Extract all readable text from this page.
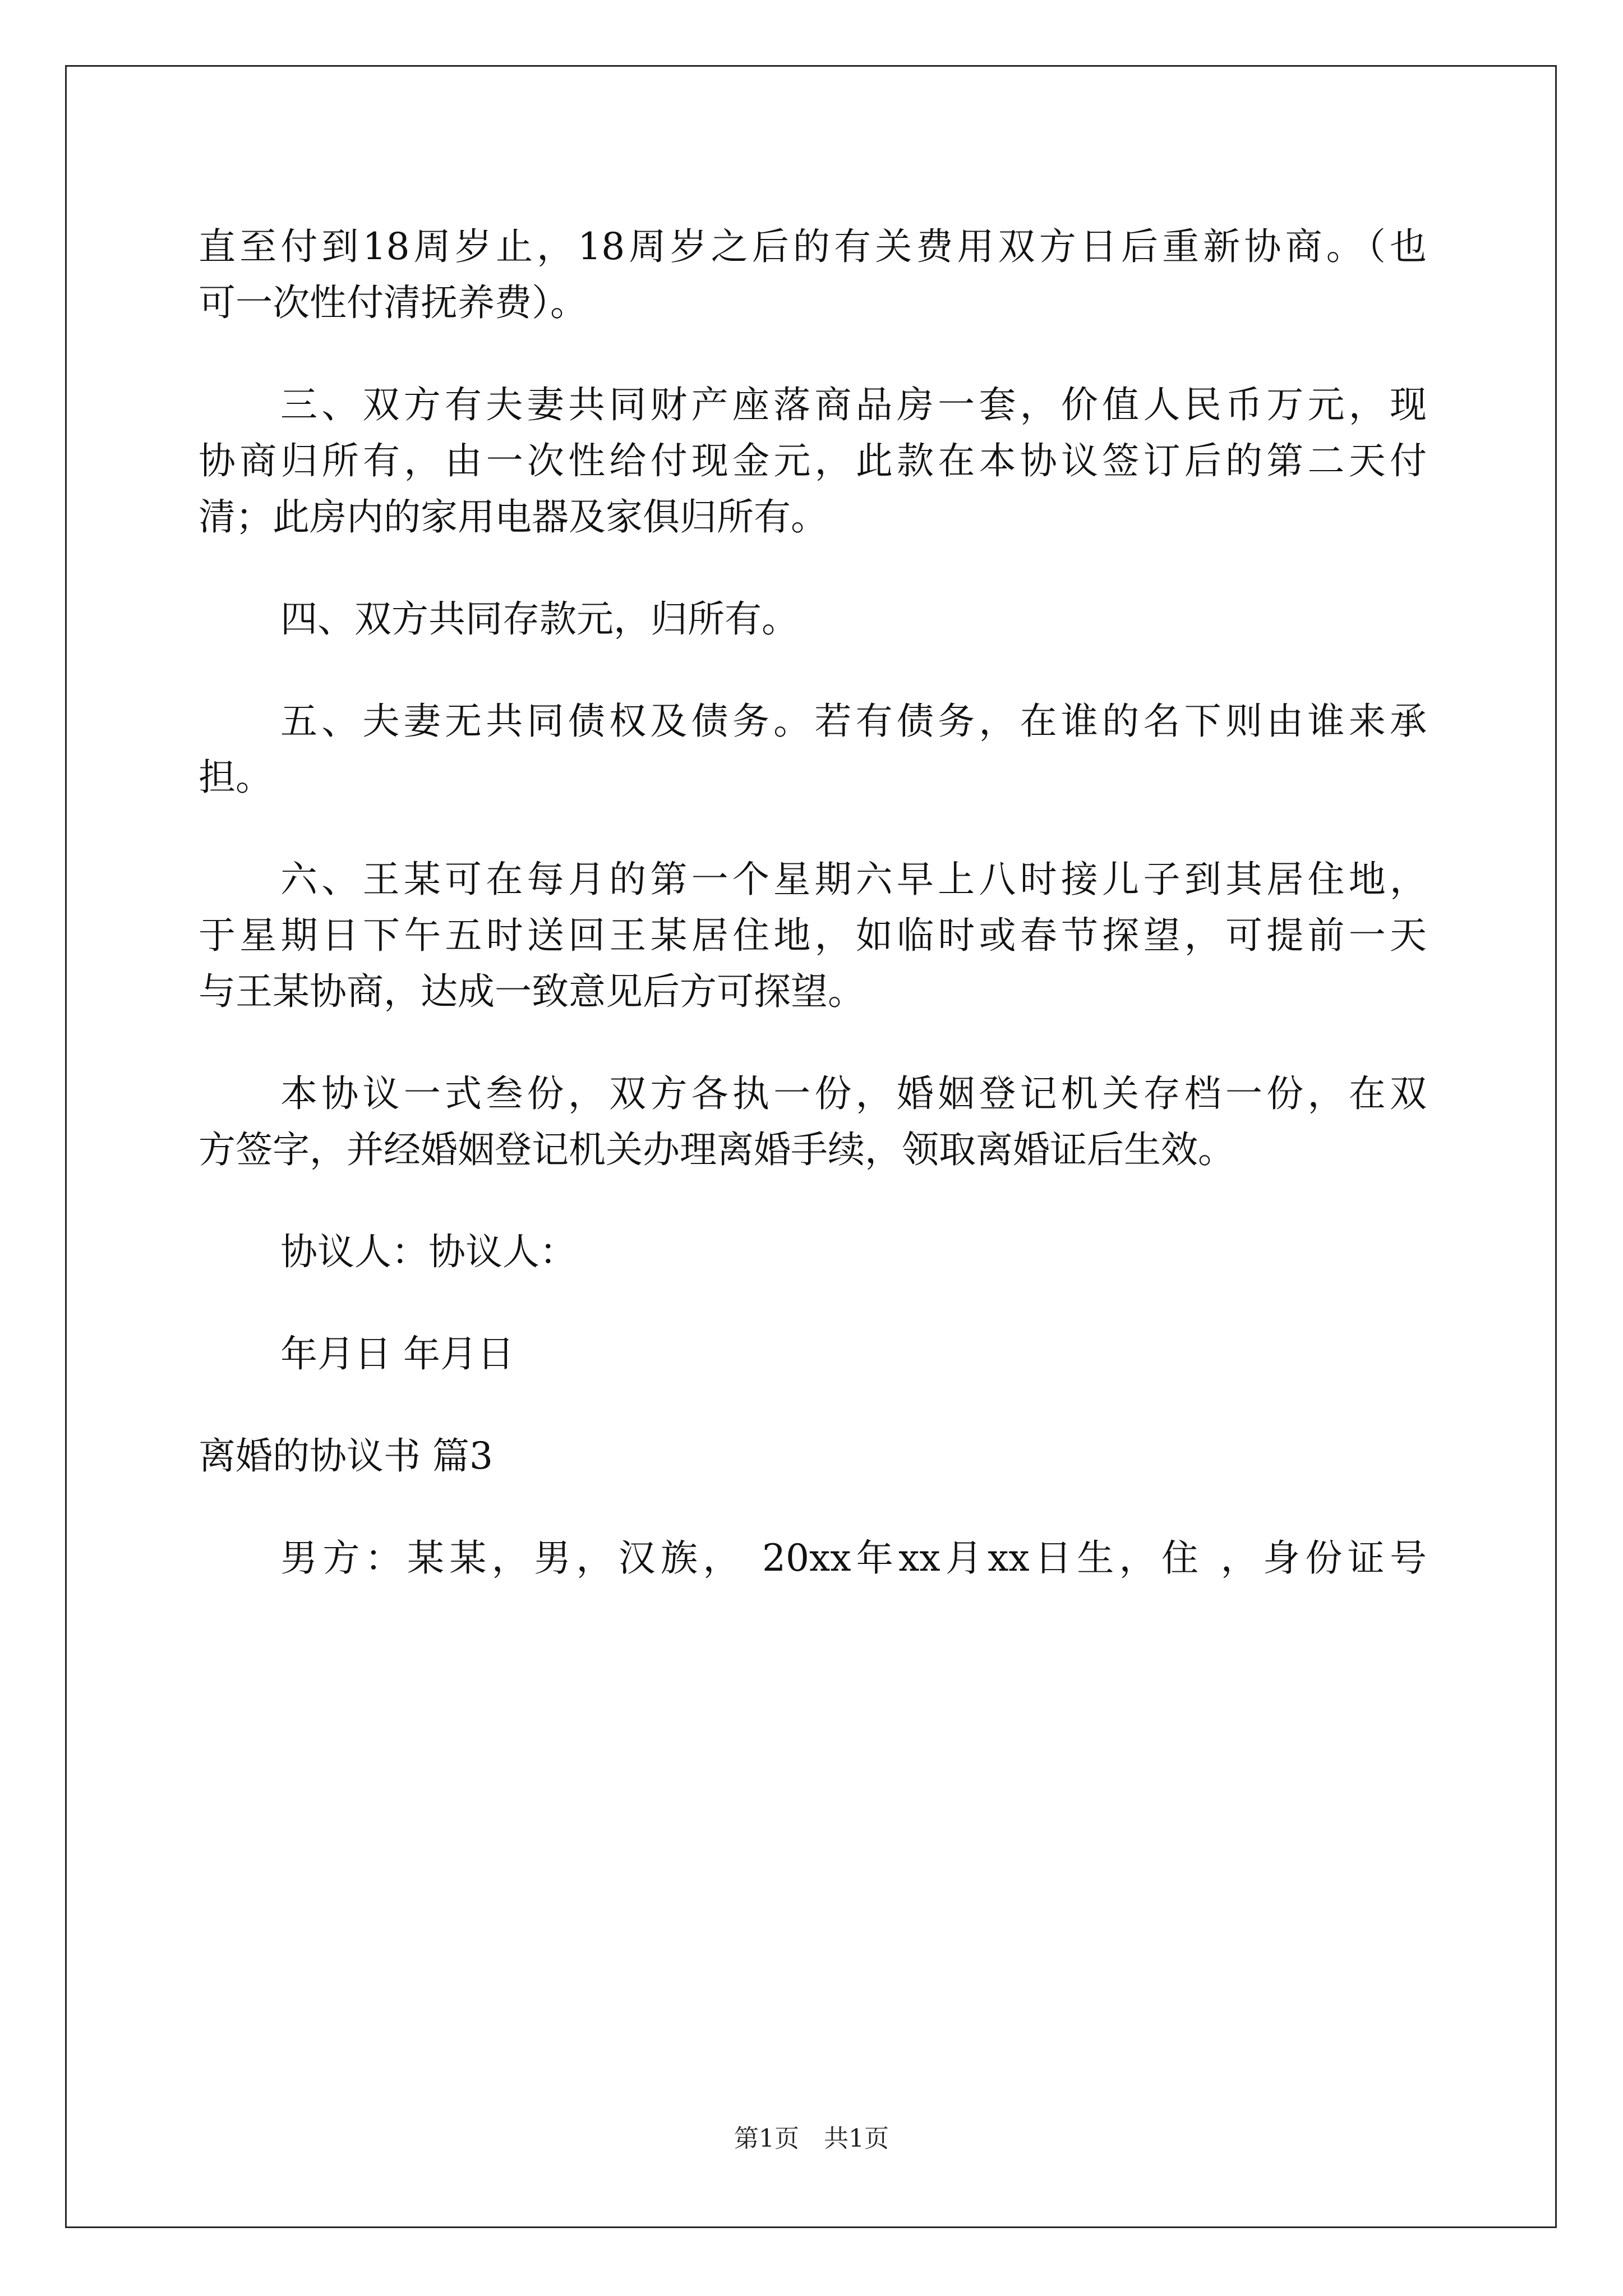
直至付到18周岁止，18周岁之后的有关费用双方日后重新协商。（也

可一次性付清抚养费）。

三、双方有夫妻共同财产座落商品房一套，价值人民币万元，现

协商归所有，由一次性给付现金元，此款在本协议签订后的第二天付

清；此房内的家用电器及家俱归所有。

四、双方共同存款元，归所有。

五、夫妻无共同债权及债务。若有债务，在谁的名下则由谁来承

担。

六、王某可在每月的第一个星期六早上八时接儿子到其居住地，

于星期日下午五时送回王某居住地，如临时或春节探望，可提前一天

与王某协商，达成一致意见后方可探望。

本协议一式叁份，双方各执一份，婚姻登记机关存档一份，在双

方签字，并经婚姻登记机关办理离婚手续，领取离婚证后生效。

协议人：协议人：

年月日 年月日

离婚的协议书 篇3

男方：某某，男，汉族， 20xx年xx月xx日生，住 ，身份证号

第1页　共1页
